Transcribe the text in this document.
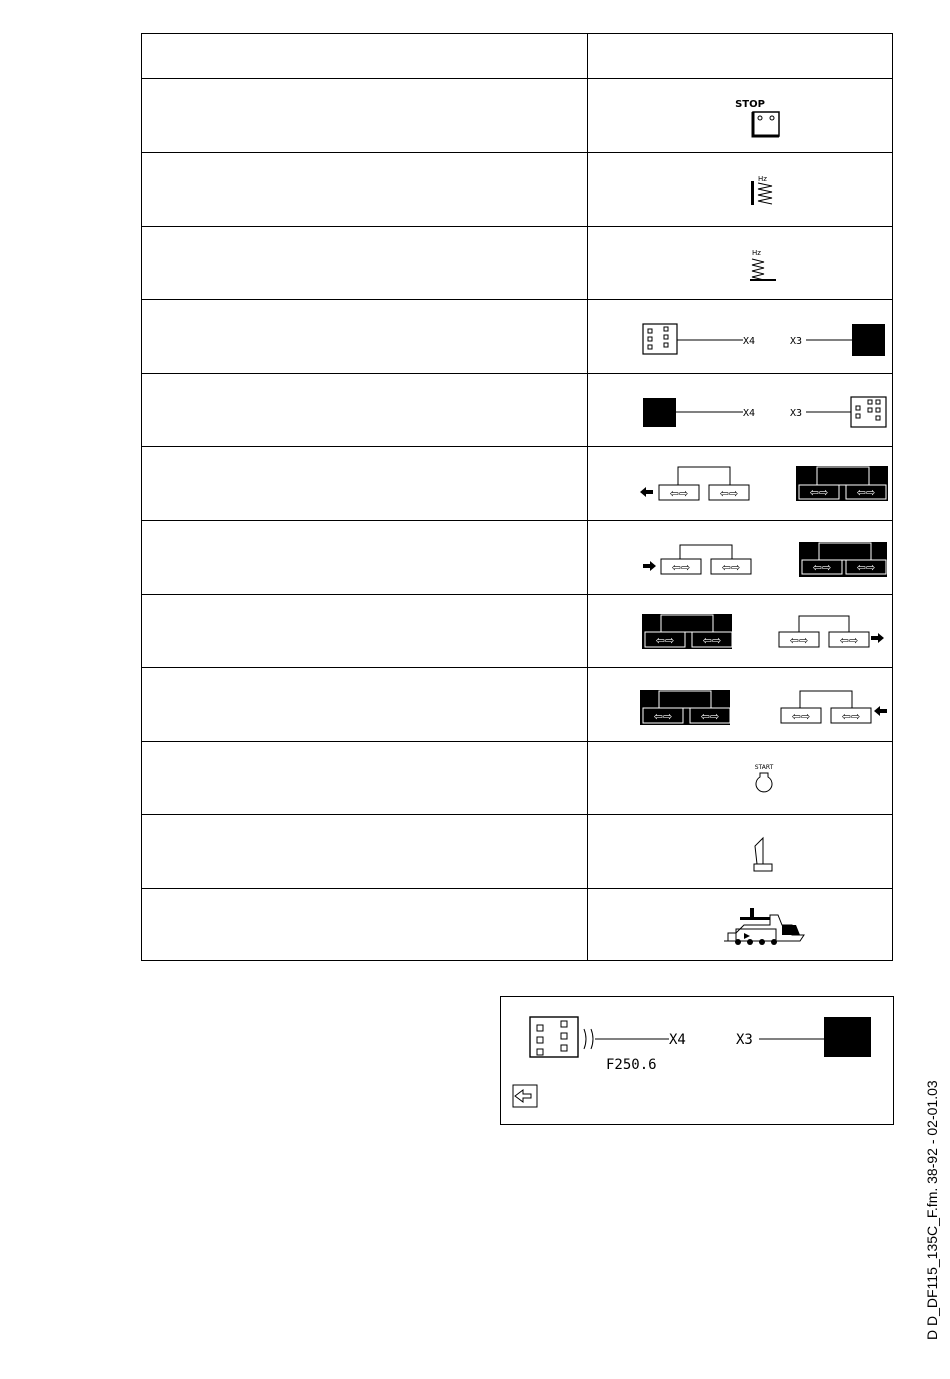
STOP
Hz
Hz
X4	X3
X4	X3
⇦⇨	⇦⇨	⇦⇨	⇦⇨
⇦⇨	⇦⇨	⇦⇨ ⇦⇨
⇦⇨	⇦⇨	⇦⇨	⇦⇨
⇦⇨	⇦⇨	⇦⇨	⇦⇨
START
X4	X3
F250.6
D D_DF115_135C_F.fm. 38-92 - 02-01.03
